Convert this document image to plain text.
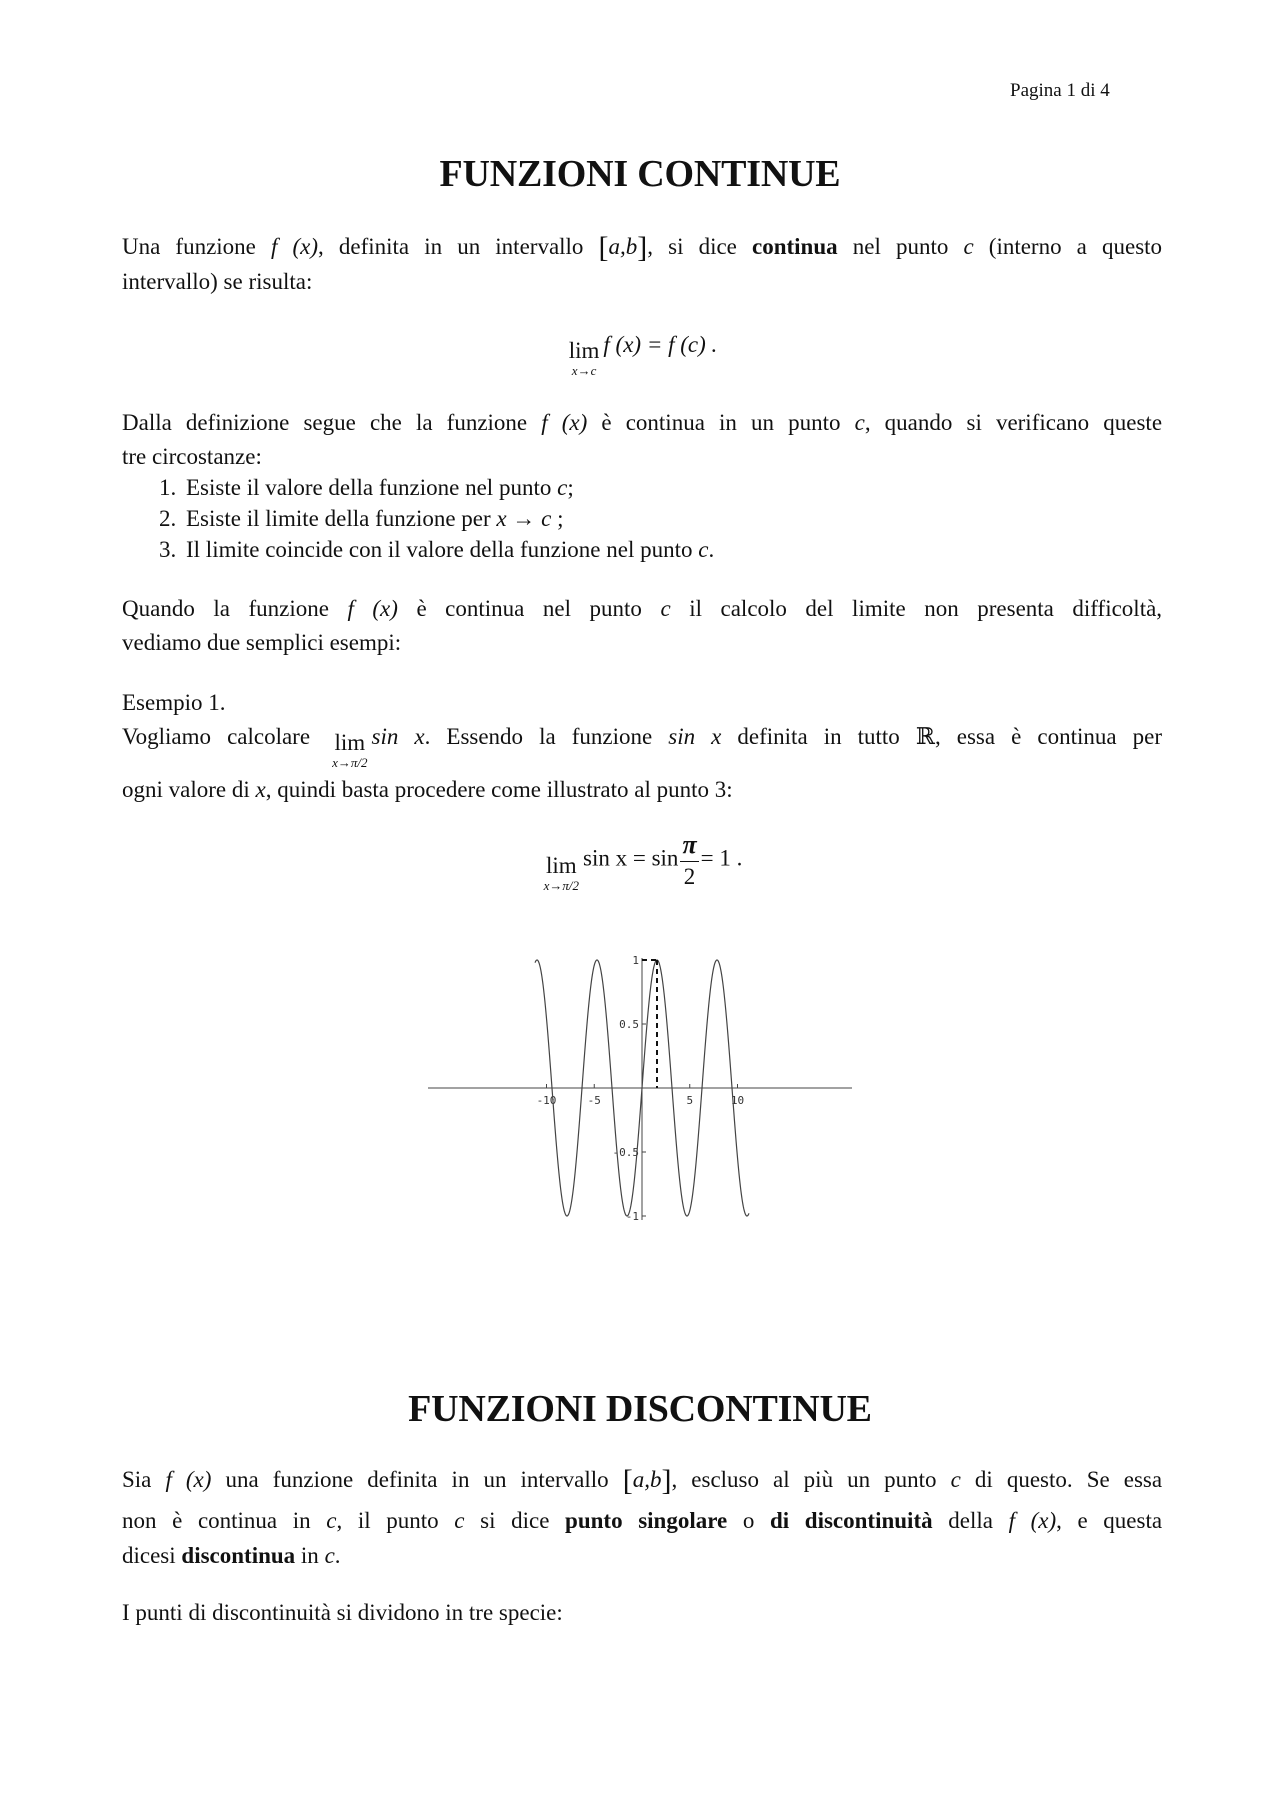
Pagina 1 di 4
FUNZIONI CONTINUE
Una funzione f (x), definita in un intervallo [a,b], si dice continua nel punto c (interno a questo
intervallo) se risulta:
lim
x→c
f (x) = f (c) .
Dalla definizione segue che la funzione f (x) è continua in un punto c, quando si verificano queste
tre circostanze:
1. Esiste il valore della funzione nel punto c;
2. Esiste il limite della funzione per x → c ;
3. Il limite coincide con il valore della funzione nel punto c.
Quando la funzione f (x) è continua nel punto c il calcolo del limite non presenta difficoltà,
vediamo due semplici esempi:
Esempio 1.
Vogliamo calcolare lim
x→π/2
sin x. Essendo la funzione sin x definita in tutto ℝ, essa è continua per
ogni valore di x, quindi basta procedere come illustrato al punto 3:
lim
x→π/2
$\sin x = \sin \frac{\pi}{2} = 1$ .
-10	-5	5	10
1
0.5
-0.5
-1
FUNZIONI DISCONTINUE
Sia f (x) una funzione definita in un intervallo [a,b], escluso al più un punto c di questo. Se essa
non è continua in c, il punto c si dice punto singolare o di discontinuità della f (x), e questa
dicesi discontinua in c.
I punti di discontinuità si dividono in tre specie:
